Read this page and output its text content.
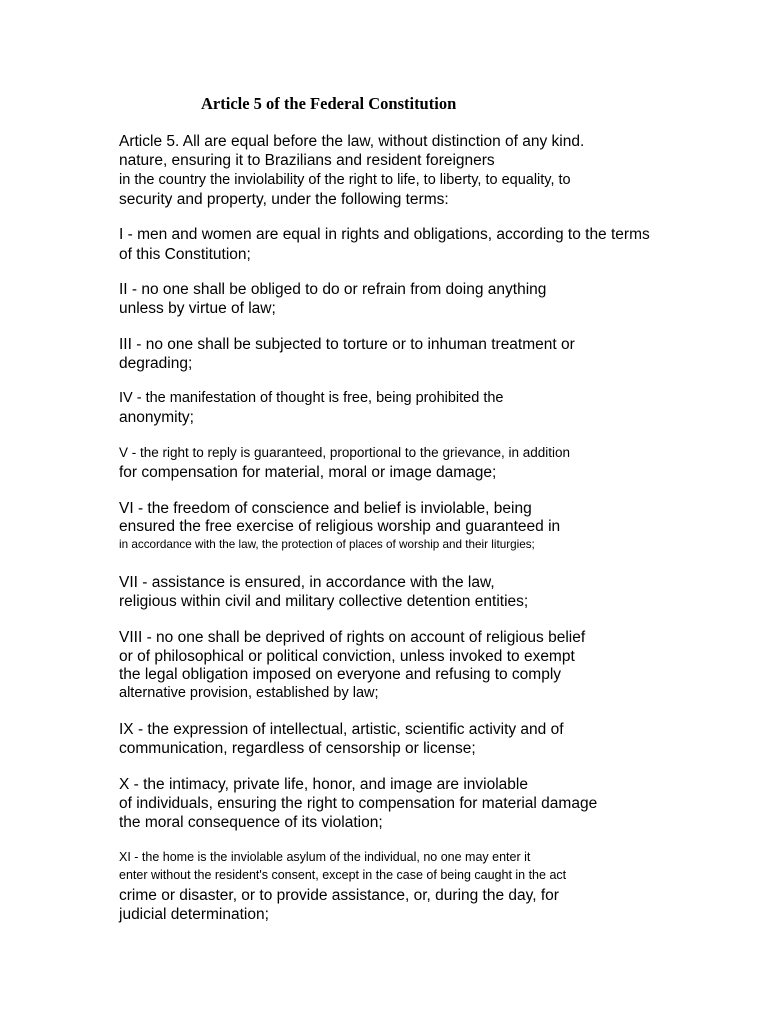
Article 5 of the Federal Constitution
Article 5. All are equal before the law, without distinction of any kind.
nature, ensuring it to Brazilians and resident foreigners
in the country the inviolability of the right to life, to liberty, to equality, to
security and property, under the following terms:
I - men and women are equal in rights and obligations, according to the terms
of this Constitution;
II - no one shall be obliged to do or refrain from doing anything
unless by virtue of law;
III - no one shall be subjected to torture or to inhuman treatment or
degrading;
IV - the manifestation of thought is free, being prohibited the
anonymity;
V - the right to reply is guaranteed, proportional to the grievance, in addition
for compensation for material, moral or image damage;
VI - the freedom of conscience and belief is inviolable, being
ensured the free exercise of religious worship and guaranteed in
in accordance with the law, the protection of places of worship and their liturgies;
VII - assistance is ensured, in accordance with the law,
religious within civil and military collective detention entities;
VIII - no one shall be deprived of rights on account of religious belief
or of philosophical or political conviction, unless invoked to exempt
the legal obligation imposed on everyone and refusing to comply
alternative provision, established by law;
IX - the expression of intellectual, artistic, scientific activity and of
communication, regardless of censorship or license;
X - the intimacy, private life, honor, and image are inviolable
of individuals, ensuring the right to compensation for material damage
the moral consequence of its violation;
XI - the home is the inviolable asylum of the individual, no one may enter it
enter without the resident's consent, except in the case of being caught in the act
crime or disaster, or to provide assistance, or, during the day, for
judicial determination;
